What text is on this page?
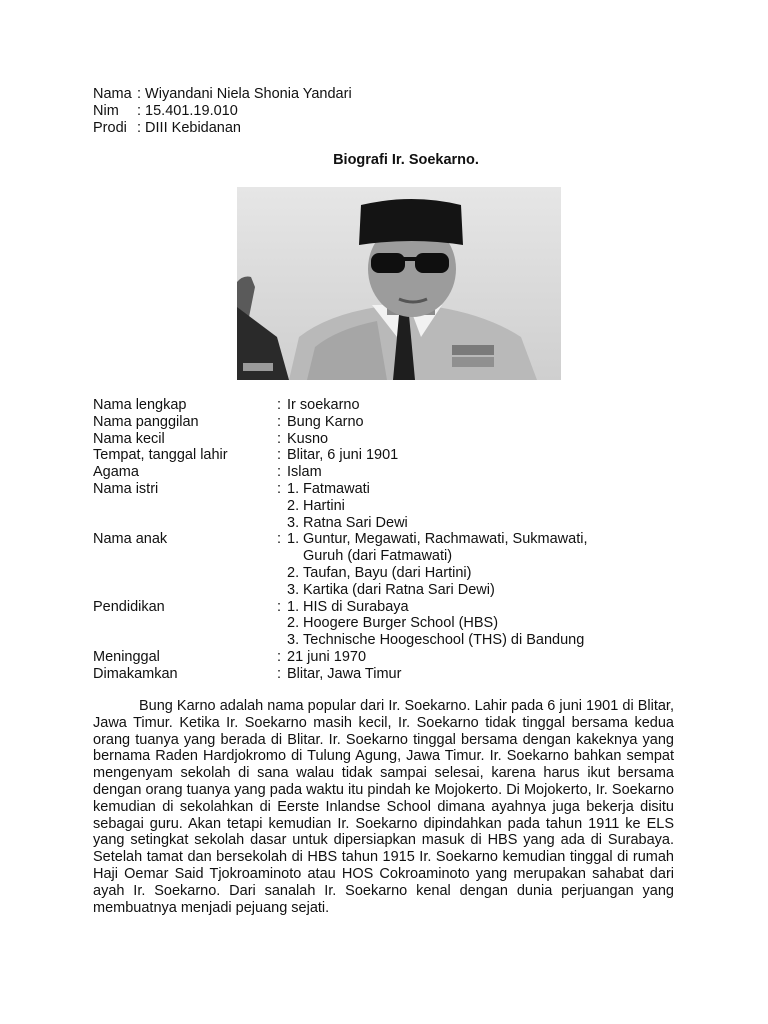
Nama : Wiyandani Niela Shonia Yandari
Nim	: 15.401.19.010
Prodi : DIII Kebidanan
Biografi Ir. Soekarno.
Nama lengkap	: Ir soekarno
Nama panggilan	: Bung Karno
Nama kecil	: Kusno
Tempat, tanggal lahir	: Blitar, 6 juni 1901
Agama	: Islam
Nama istri	: 1. Fatmawati
2. Hartini
3. Ratna Sari Dewi
Nama anak	: 1. Guntur, Megawati, Rachmawati, Sukmawati,
Guruh (dari Fatmawati)
2. Taufan, Bayu (dari Hartini)
3. Kartika (dari Ratna Sari Dewi)
Pendidikan	: 1. HIS di Surabaya
2. Hoogere Burger School (HBS)
3. Technische Hoogeschool (THS) di Bandung
Meninggal	: 21 juni 1970
Dimakamkan	: Blitar, Jawa Timur

Bung Karno adalah nama popular dari Ir. Soekarno. Lahir pada 6 juni 1901 di Blitar, Jawa Timur. Ketika Ir. Soekarno masih kecil, Ir. Soekarno tidak tinggal bersama kedua orang tuanya yang berada di Blitar. Ir. Soekarno tinggal bersama dengan kakeknya yang bernama Raden Hardjokromo di Tulung Agung, Jawa Timur. Ir. Soekarno bahkan sempat mengenyam sekolah di sana walau tidak sampai selesai, karena harus ikut bersama dengan orang tuanya yang pada waktu itu pindah ke Mojokerto. Di Mojokerto, Ir. Soekarno kemudian di sekolahkan di Eerste Inlandse School dimana ayahnya juga bekerja disitu sebagai guru. Akan tetapi kemudian Ir. Soekarno dipindahkan pada tahun 1911 ke ELS yang setingkat sekolah dasar untuk dipersiapkan masuk di HBS yang ada di Surabaya. Setelah tamat dan bersekolah di HBS tahun 1915 Ir. Soekarno kemudian tinggal di rumah Haji Oemar Said Tjokroaminoto atau HOS Cokroaminoto yang merupakan sahabat dari ayah Ir. Soekarno. Dari sanalah Ir. Soekarno kenal dengan dunia perjuangan yang membuatnya menjadi pejuang sejati.
